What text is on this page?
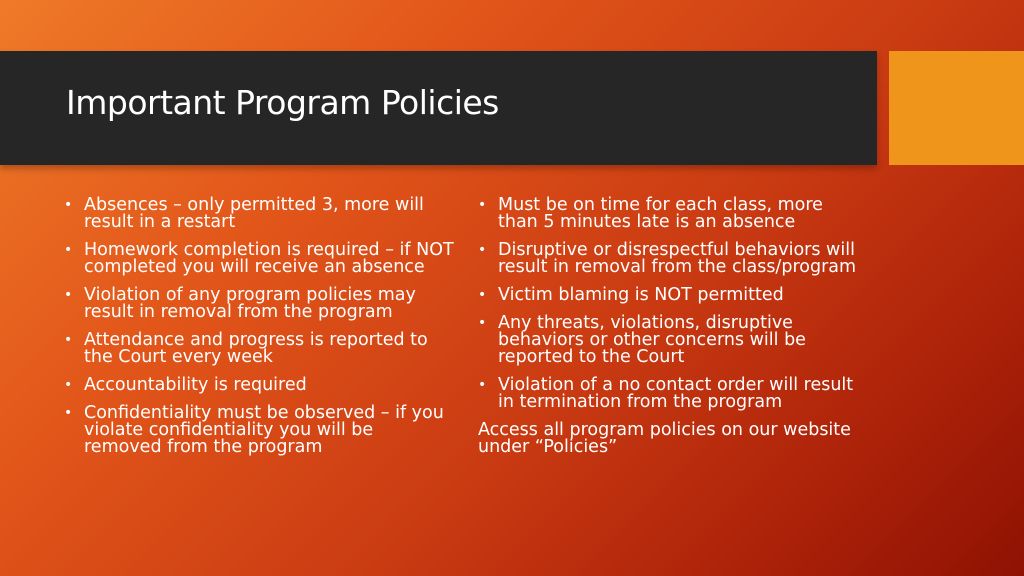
Important Program Policies
• Absences – only permitted 3, more will result in a restart
• Homework completion is required – if NOT completed you will receive an absence
• Violation of any program policies may result in removal from the program
• Attendance and progress is reported to the Court every week
• Accountability is required
• Confidentiality must be observed – if you violate confidentiality you will be removed from the program
• Must be on time for each class, more than 5 minutes late is an absence
• Disruptive or disrespectful behaviors will result in removal from the class/program
• Victim blaming is NOT permitted
• Any threats, violations, disruptive behaviors or other concerns will be reported to the Court
• Violation of a no contact order will result in termination from the program

Access all program policies on our website under “Policies”
